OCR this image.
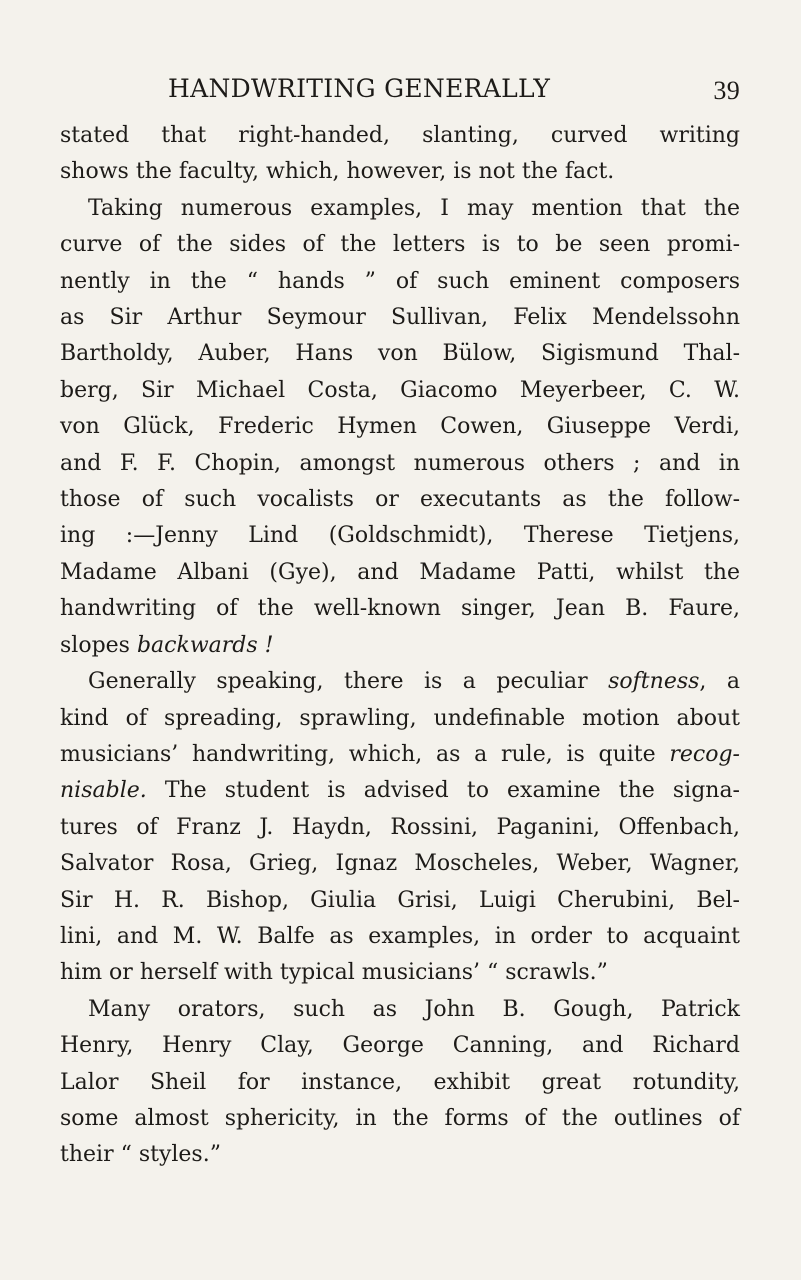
HANDWRITING GENERALLY	39
stated that right-handed, slanting, curved writing
shows the faculty, which, however, is not the fact.
Taking numerous examples, I may mention that the
curve of the sides of the letters is to be seen promi-
nently in the “ hands ” of such eminent composers
as Sir Arthur Seymour Sullivan, Felix Mendelssohn
Bartholdy, Auber, Hans von Bülow, Sigismund Thal-
berg, Sir Michael Costa, Giacomo Meyerbeer, C. W.
von Glück, Frederic Hymen Cowen, Giuseppe Verdi,
and F. F. Chopin, amongst numerous others ; and in
those of such vocalists or executants as the follow-
ing :—Jenny Lind (Goldschmidt), Therese Tietjens,
Madame Albani (Gye), and Madame Patti, whilst the
handwriting of the well-known singer, Jean B. Faure,
slopes backwards !
Generally speaking, there is a peculiar softness, a
kind of spreading, sprawling, undefinable motion about
musicians’ handwriting, which, as a rule, is quite recog-
nisable. The student is advised to examine the signa-
tures of Franz J. Haydn, Rossini, Paganini, Offenbach,
Salvator Rosa, Grieg, Ignaz Moscheles, Weber, Wagner,
Sir H. R. Bishop, Giulia Grisi, Luigi Cherubini, Bel-
lini, and M. W. Balfe as examples, in order to acquaint
him or herself with typical musicians’ “ scrawls.”
Many orators, such as John B. Gough, Patrick
Henry, Henry Clay, George Canning, and Richard
Lalor Sheil for instance, exhibit great rotundity,
some almost sphericity, in the forms of the outlines of
their “ styles.”
